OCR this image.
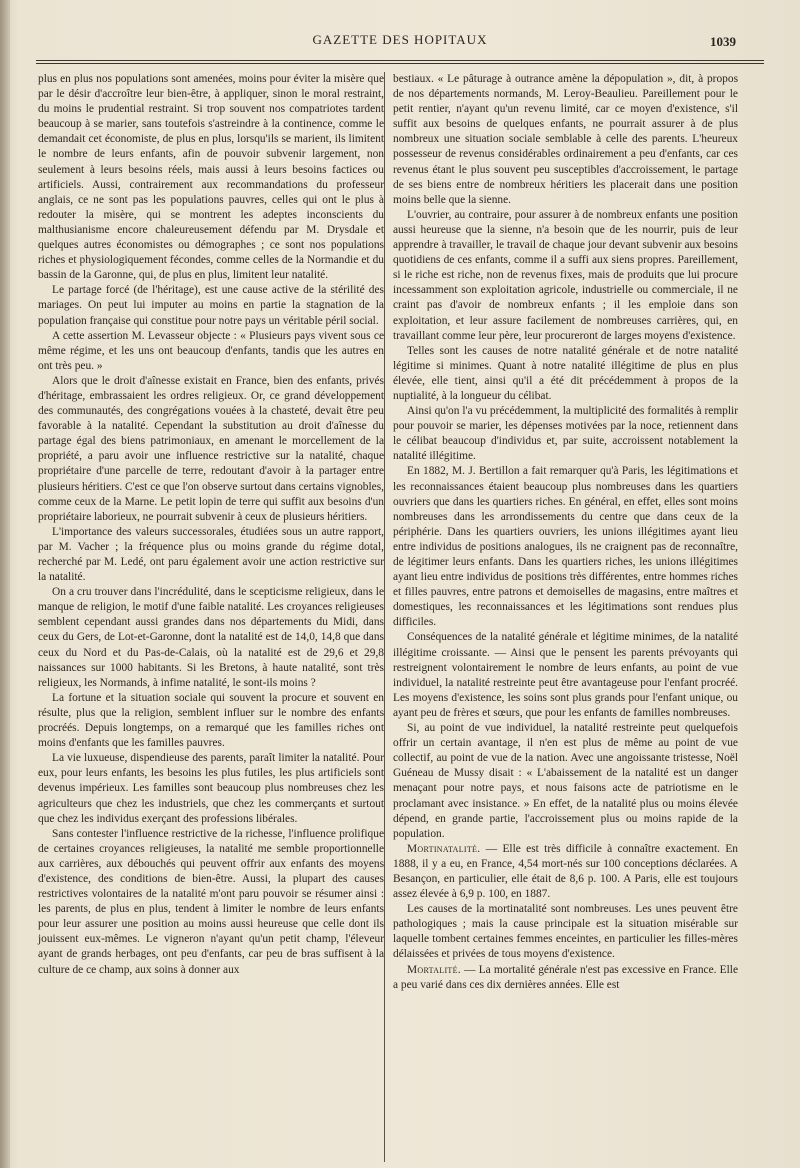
GAZETTE DES HOPITAUX	1039

plus en plus nos populations sont amenées, moins pour éviter la misère que par le désir d'accroître leur bien-être, à appliquer, sinon le moral restraint, du moins le prudential restraint. Si trop souvent nos compatriotes tardent beaucoup à se marier, sans toutefois s'astreindre à la continence, comme le demandait cet économiste, de plus en plus, lorsqu'ils se marient, ils limitent le nombre de leurs enfants, afin de pouvoir subvenir largement, non seulement à leurs besoins réels, mais aussi à leurs besoins factices ou artificiels. Aussi, contrairement aux recommandations du professeur anglais, ce ne sont pas les populations pauvres, celles qui ont le plus à redouter la misère, qui se montrent les adeptes inconscients du malthusianisme encore chaleureusement défendu par M. Drysdale et quelques autres économistes ou démographes ; ce sont nos populations riches et physiologiquement fécondes, comme celles de la Normandie et du bassin de la Garonne, qui, de plus en plus, limitent leur natalité.

Le partage forcé (de l'héritage), est une cause active de la stérilité des mariages. On peut lui imputer au moins en partie la stagnation de la population française qui constitue pour notre pays un véritable péril social.

A cette assertion M. Levasseur objecte : « Plusieurs pays vivent sous ce même régime, et les uns ont beaucoup d'enfants, tandis que les autres en ont très peu. »

Alors que le droit d'aînesse existait en France, bien des enfants, privés d'héritage, embrassaient les ordres religieux. Or, ce grand développement des communautés, des congrégations vouées à la chasteté, devait être peu favorable à la natalité. Cependant la substitution au droit d'aînesse du partage égal des biens patrimoniaux, en amenant le morcellement de la propriété, a paru avoir une influence restrictive sur la natalité, chaque propriétaire d'une parcelle de terre, redoutant d'avoir à la partager entre plusieurs héritiers. C'est ce que l'on observe surtout dans certains vignobles, comme ceux de la Marne. Le petit lopin de terre qui suffit aux besoins d'un propriétaire laborieux, ne pourrait subvenir à ceux de plusieurs héritiers.

L'importance des valeurs successorales, étudiées sous un autre rapport, par M. Vacher ; la fréquence plus ou moins grande du régime dotal, recherché par M. Ledé, ont paru également avoir une action restrictive sur la natalité.

On a cru trouver dans l'incrédulité, dans le scepticisme religieux, dans le manque de religion, le motif d'une faible natalité. Les croyances religieuses semblent cependant aussi grandes dans nos départements du Midi, dans ceux du Gers, de Lot-et-Garonne, dont la natalité est de 14,0, 14,8 que dans ceux du Nord et du Pas-de-Calais, où la natalité est de 29,6 et 29,8 naissances sur 1000 habitants. Si les Bretons, à haute natalité, sont très religieux, les Normands, à infime natalité, le sont-ils moins ?

La fortune et la situation sociale qui souvent la procure et souvent en résulte, plus que la religion, semblent influer sur le nombre des enfants procréés. Depuis longtemps, on a remarqué que les familles riches ont moins d'enfants que les familles pauvres.

La vie luxueuse, dispendieuse des parents, paraît limiter la natalité. Pour eux, pour leurs enfants, les besoins les plus futiles, les plus artificiels sont devenus impérieux. Les familles sont beaucoup plus nombreuses chez les agriculteurs que chez les industriels, que chez les commerçants et surtout que chez les individus exerçant des professions libérales.

Sans contester l'influence restrictive de la richesse, l'influence prolifique de certaines croyances religieuses, la natalité me semble proportionnelle aux carrières, aux débouchés qui peuvent offrir aux enfants des moyens d'existence, des conditions de bien-être. Aussi, la plupart des causes restrictives volontaires de la natalité m'ont paru pouvoir se résumer ainsi : les parents, de plus en plus, tendent à limiter le nombre de leurs enfants pour leur assurer une position au moins aussi heureuse que celle dont ils jouissent eux-mêmes. Le vigneron n'ayant qu'un petit champ, l'éleveur ayant de grands herbages, ont peu d'enfants, car peu de bras suffisent à la culture de ce champ, aux soins à donner aux

bestiaux. « Le pâturage à outrance amène la dépopulation », dit, à propos de nos départements normands, M. Leroy-Beaulieu. Pareillement pour le petit rentier, n'ayant qu'un revenu limité, car ce moyen d'existence, s'il suffit aux besoins de quelques enfants, ne pourrait assurer à de plus nombreux une situation sociale semblable à celle des parents. L'heureux possesseur de revenus considérables ordinairement a peu d'enfants, car ces revenus étant le plus souvent peu susceptibles d'accroissement, le partage de ses biens entre de nombreux héritiers les placerait dans une position moins belle que la sienne.

L'ouvrier, au contraire, pour assurer à de nombreux enfants une position aussi heureuse que la sienne, n'a besoin que de les nourrir, puis de leur apprendre à travailler, le travail de chaque jour devant subvenir aux besoins quotidiens de ces enfants, comme il a suffi aux siens propres. Pareillement, si le riche est riche, non de revenus fixes, mais de produits que lui procure incessamment son exploitation agricole, industrielle ou commerciale, il ne craint pas d'avoir de nombreux enfants ; il les emploie dans son exploitation, et leur assure facilement de nombreuses carrières, qui, en travaillant comme leur père, leur procureront de larges moyens d'existence.

Telles sont les causes de notre natalité générale et de notre natalité légitime si minimes. Quant à notre natalité illégitime de plus en plus élevée, elle tient, ainsi qu'il a été dit précédemment à propos de la nuptialité, à la longueur du célibat.

Ainsi qu'on l'a vu précédemment, la multiplicité des formalités à remplir pour pouvoir se marier, les dépenses motivées par la noce, retiennent dans le célibat beaucoup d'individus et, par suite, accroissent notablement la natalité illégitime.

En 1882, M. J. Bertillon a fait remarquer qu'à Paris, les légitimations et les reconnaissances étaient beaucoup plus nombreuses dans les quartiers ouvriers que dans les quartiers riches. En général, en effet, elles sont moins nombreuses dans les arrondissements du centre que dans ceux de la périphérie. Dans les quartiers ouvriers, les unions illégitimes ayant lieu entre individus de positions analogues, ils ne craignent pas de reconnaître, de légitimer leurs enfants. Dans les quartiers riches, les unions illégitimes ayant lieu entre individus de positions très différentes, entre hommes riches et filles pauvres, entre patrons et demoiselles de magasins, entre maîtres et domestiques, les reconnaissances et les légitimations sont rendues plus difficiles.

Conséquences de la natalité générale et légitime minimes, de la natalité illégitime croissante. — Ainsi que le pensent les parents prévoyants qui restreignent volontairement le nombre de leurs enfants, au point de vue individuel, la natalité restreinte peut être avantageuse pour l'enfant procréé. Les moyens d'existence, les soins sont plus grands pour l'enfant unique, ou ayant peu de frères et sœurs, que pour les enfants de familles nombreuses.

Si, au point de vue individuel, la natalité restreinte peut quelquefois offrir un certain avantage, il n'en est plus de même au point de vue collectif, au point de vue de la nation. Avec une angoissante tristesse, Noël Guéneau de Mussy disait : « L'abaissement de la natalité est un danger menaçant pour notre pays, et nous faisons acte de patriotisme en le proclamant avec insistance. » En effet, de la natalité plus ou moins élevée dépend, en grande partie, l'accroissement plus ou moins rapide de la population.

Mortinatalité. — Elle est très difficile à connaître exactement. En 1888, il y a eu, en France, 4,54 mort-nés sur 100 conceptions déclarées. A Besançon, en particulier, elle était de 8,6 p. 100. A Paris, elle est toujours assez élevée à 6,9 p. 100, en 1887.

Les causes de la mortinatalité sont nombreuses. Les unes peuvent être pathologiques ; mais la cause principale est la situation misérable sur laquelle tombent certaines femmes enceintes, en particulier les filles-mères délaissées et privées de tous moyens d'existence.

Mortalité. — La mortalité générale n'est pas excessive en France. Elle a peu varié dans ces dix dernières années. Elle est
